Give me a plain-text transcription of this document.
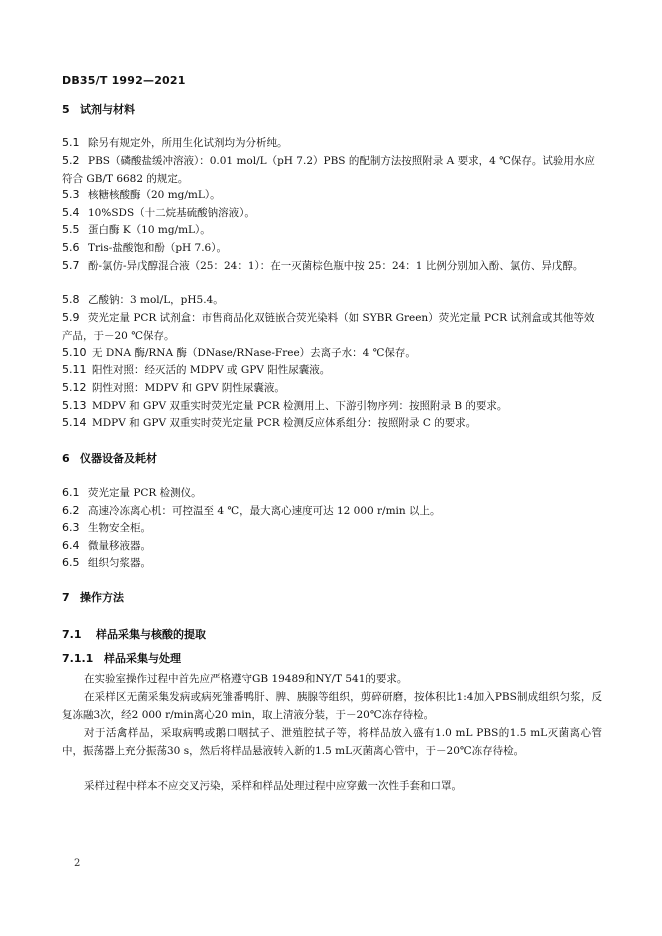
DB35/T 1992—2021
5 试剂与材料
5.1 除另有规定外，所用生化试剂均为分析纯。
5.2 PBS（磷酸盐缓冲溶液）：0.01 mol/L（pH 7.2）PBS 的配制方法按照附录 A 要求，4 ℃保存。试验用水应符合 GB/T 6682 的规定。
5.3 核糖核酸酶（20 mg/mL）。
5.4 10%SDS（十二烷基硫酸钠溶液）。
5.5 蛋白酶 K（10 mg/mL）。
5.6 Tris-盐酸饱和酚（pH 7.6）。
5.7 酚-氯仿-异戊醇混合液（25：24：1）：在一灭菌棕色瓶中按 25：24：1 比例分别加入酚、氯仿、异戊醇。
5.8 乙酸钠：3 mol/L，pH5.4。
5.9 荧光定量 PCR 试剂盒：市售商品化双链嵌合荧光染料（如 SYBR Green）荧光定量 PCR 试剂盒或其他等效产品，于－20 ℃保存。
5.10 无 DNA 酶/RNA 酶（DNase/RNase-Free）去离子水：4 ℃保存。
5.11 阳性对照：经灭活的 MDPV 或 GPV 阳性尿囊液。
5.12 阴性对照：MDPV 和 GPV 阴性尿囊液。
5.13 MDPV 和 GPV 双重实时荧光定量 PCR 检测用上、下游引物序列：按照附录 B 的要求。
5.14 MDPV 和 GPV 双重实时荧光定量 PCR 检测反应体系组分：按照附录 C 的要求。
6 仪器设备及耗材
6.1 荧光定量 PCR 检测仪。
6.2 高速冷冻离心机：可控温至 4 ℃，最大离心速度可达 12 000 r/min 以上。
6.3 生物安全柜。
6.4 微量移液器。
6.5 组织匀浆器。
7 操作方法
7.1 样品采集与核酸的提取
7.1.1 样品采集与处理
在实验室操作过程中首先应严格遵守GB 19489和NY/T 541的要求。
在采样区无菌采集发病或病死雏番鸭肝、脾、胰腺等组织，剪碎研磨，按体积比1:4加入PBS制成组织匀浆，反复冻融3次，经2 000 r/min离心20 min，取上清液分装，于－20℃冻存待检。
对于活禽样品，采取病鸭或鹅口咽拭子、泄殖腔拭子等，将样品放入盛有1.0 mL PBS的1.5 mL灭菌离心管中，振荡器上充分振荡30 s，然后将样品悬液转入新的1.5 mL灭菌离心管中，于－20℃冻存待检。
采样过程中样本不应交叉污染，采样和样品处理过程中应穿戴一次性手套和口罩。
2
